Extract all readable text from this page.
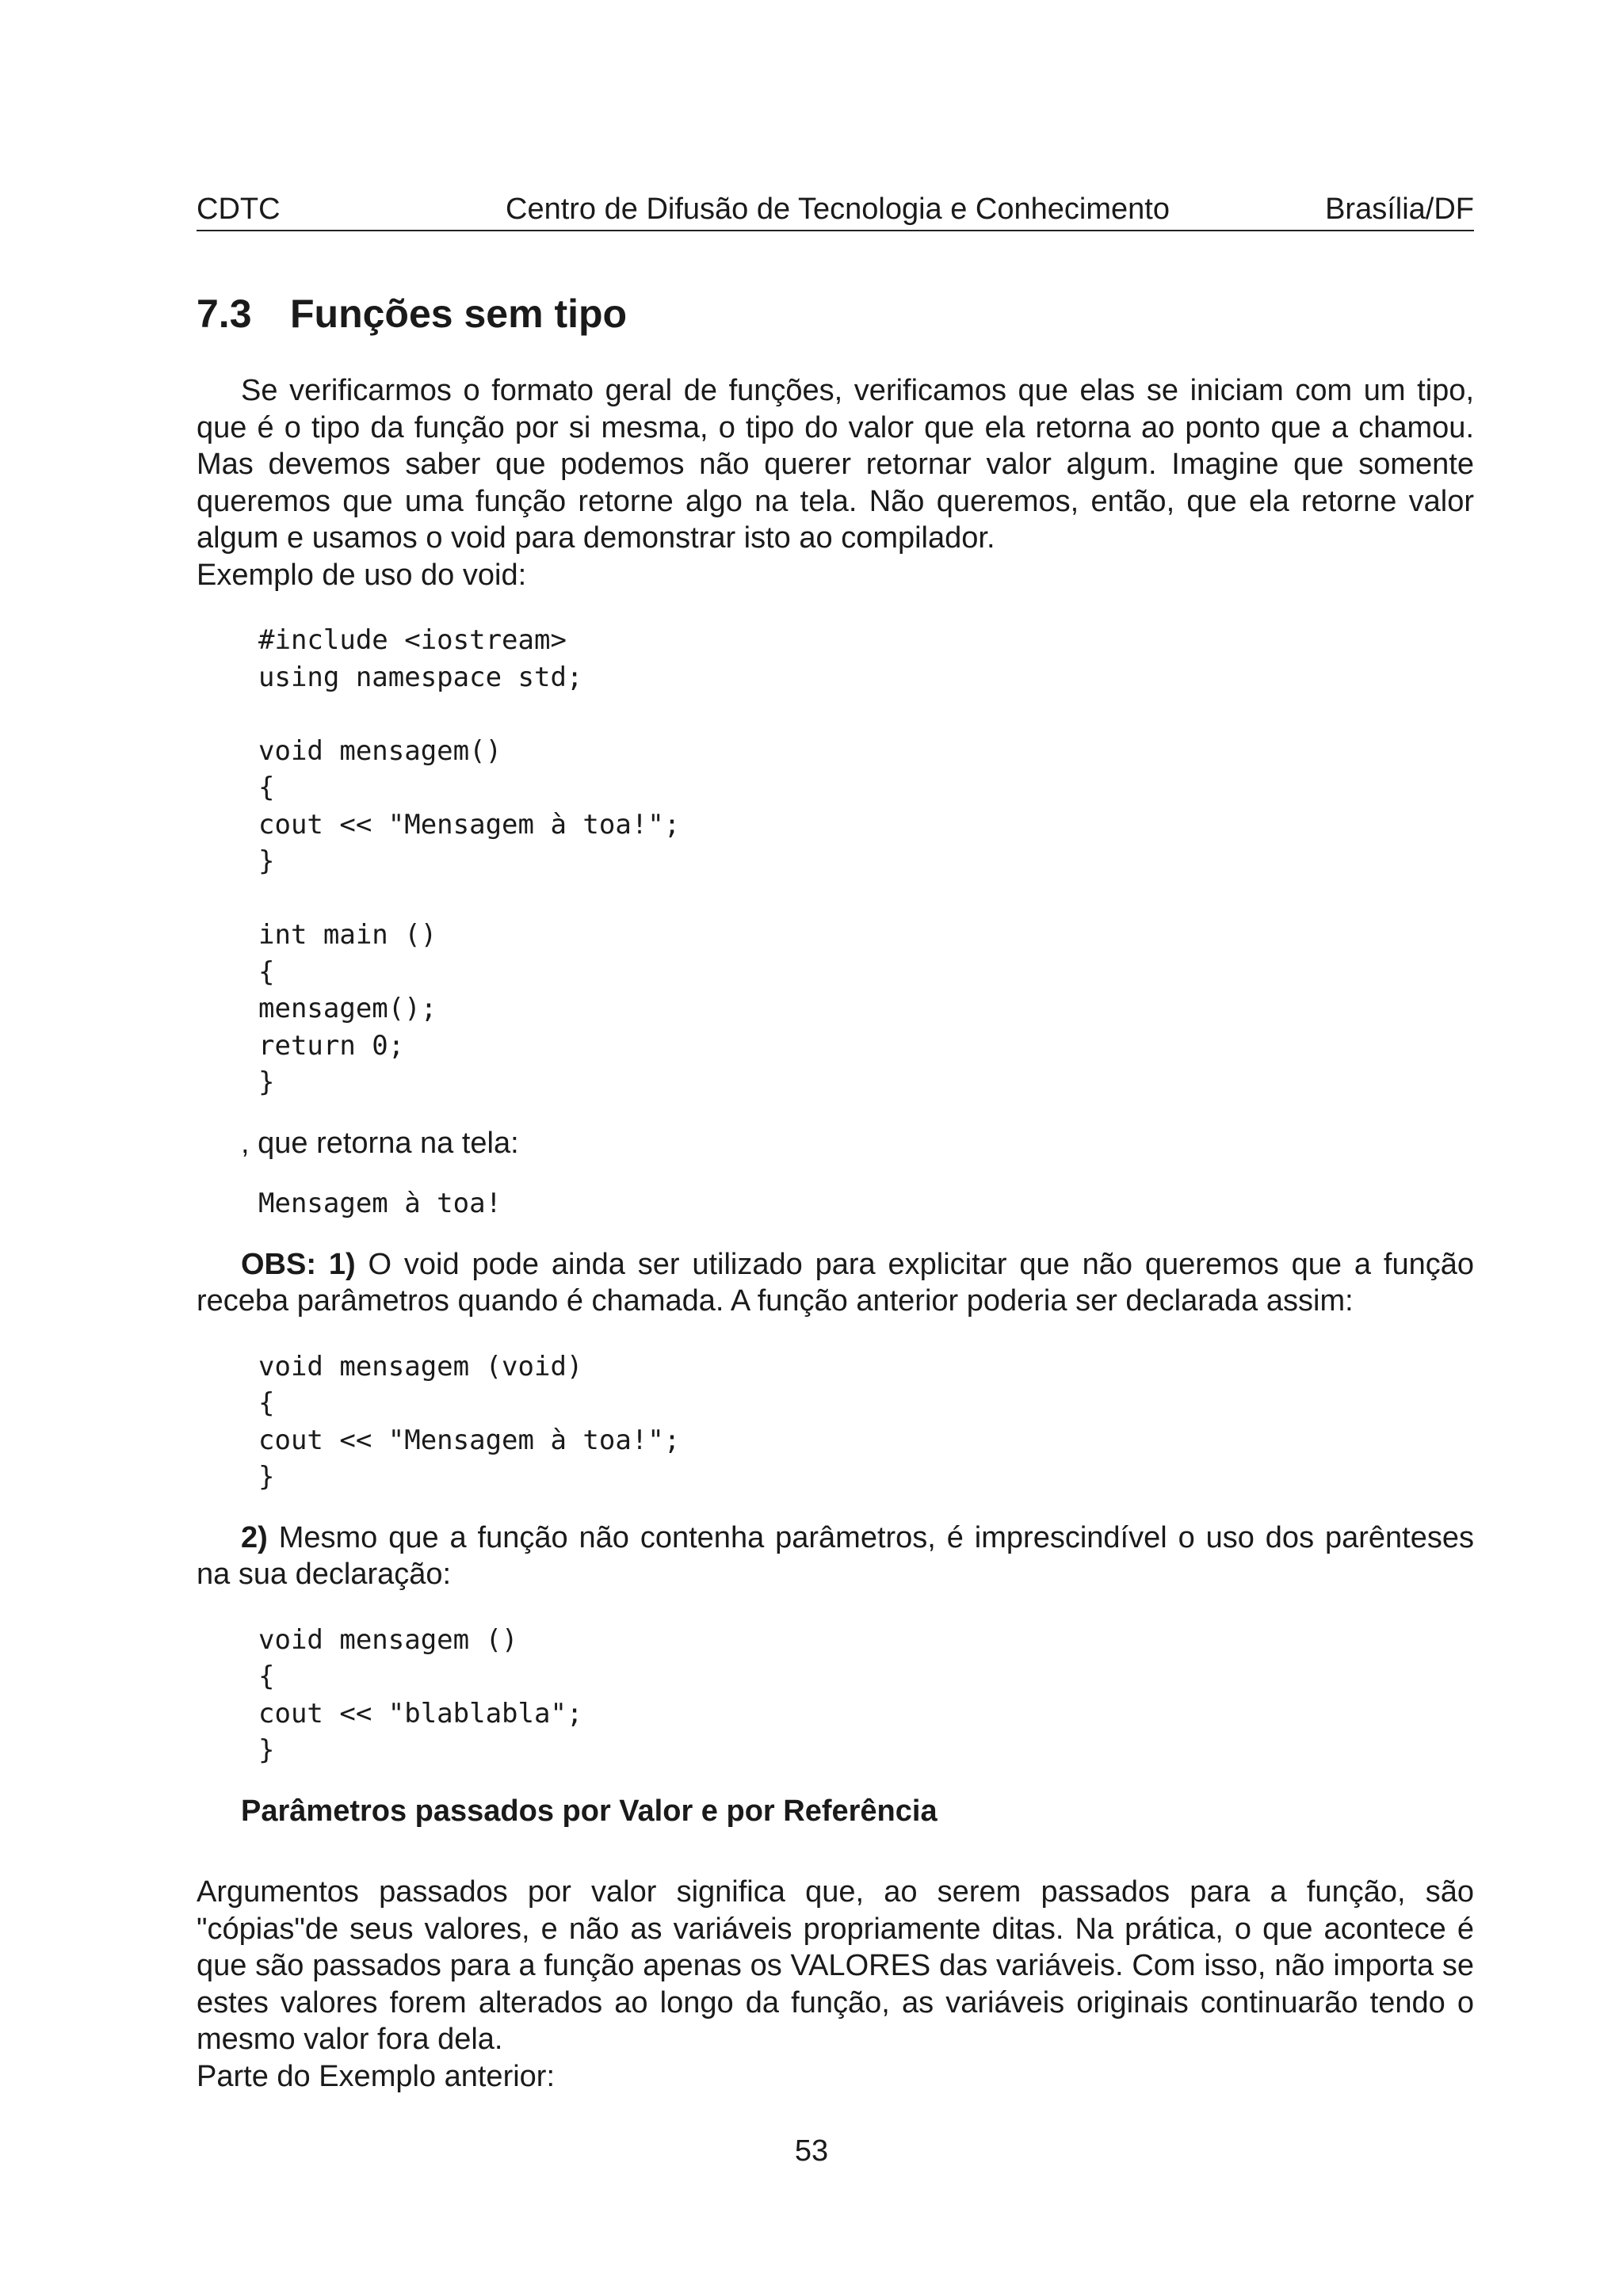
CDTC	Centro de Difusão de Tecnologia e Conhecimento	Brasília/DF
7.3 Funções sem tipo

Se verificarmos o formato geral de funções, verificamos que elas se iniciam com um tipo, que é o tipo da função por si mesma, o tipo do valor que ela retorna ao ponto que a chamou. Mas devemos saber que podemos não querer retornar valor algum. Imagine que somente queremos que uma função retorne algo na tela. Não queremos, então, que ela retorne valor algum e usamos o void para demonstrar isto ao compilador.

Exemplo de uso do void:

#include <iostream>
using namespace std;

void mensagem()
{
cout << "Mensagem à toa!";
}

int main ()
{
mensagem();
return 0;
}

, que retorna na tela:

Mensagem à toa!

OBS: 1) O void pode ainda ser utilizado para explicitar que não queremos que a função receba parâmetros quando é chamada. A função anterior poderia ser declarada assim:

void mensagem (void)
{
cout << "Mensagem à toa!";
}

2) Mesmo que a função não contenha parâmetros, é imprescindível o uso dos parênteses na sua declaração:

void mensagem ()
{
cout << "blablabla";
}

Parâmetros passados por Valor e por Referência

Argumentos passados por valor significa que, ao serem passados para a função, são "cópias"de seus valores, e não as variáveis propriamente ditas. Na prática, o que acontece é que são passados para a função apenas os VALORES das variáveis. Com isso, não importa se estes valores forem alterados ao longo da função, as variáveis originais continuarão tendo o mesmo valor fora dela.

Parte do Exemplo anterior:

53
